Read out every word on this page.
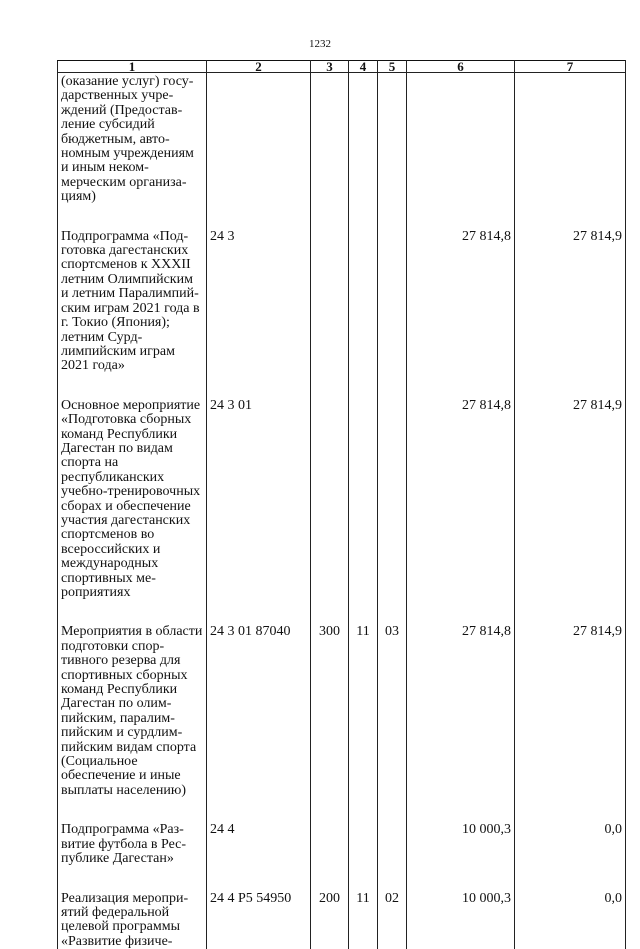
1232
1	2	3	4	5	6	7
(оказание услуг) государственных учреждений (Предоставление субсидий бюджетным, автономным учреждениям и иным некоммерческим организациям)						
Подпрограмма «Подготовка дагестанских спортсменов к XXXII летним Олимпийским и летним Паралимпийским играм 2021 года в г. Токио (Япония); летним Сурдлимпийским играм 2021 года»	24 3				27 814,8	27 814,9
Основное мероприятие «Подготовка сборных команд Республики Дагестан по видам спорта на республиканских учебно-тренировочных сборах и обеспечение участия дагестанских спортсменов во всероссийских и международных спортивных мероприятиях	24 3 01				27 814,8	27 814,9
Мероприятия в области подготовки спортивного резерва для спортивных сборных команд Республики Дагестан по олимпийским, паралимпийским и сурдлимпийским видам спорта (Социальное обеспечение и иные выплаты населению)	24 3 01 87040	300	11	03	27 814,8	27 814,9
Подпрограмма «Развитие футбола в Республике Дагестан»	24 4				10 000,3	0,0
Реализация мероприятий федеральной целевой программы «Развитие физиче-	24 4 P5 54950	200	11	02	10 000,3	0,0
